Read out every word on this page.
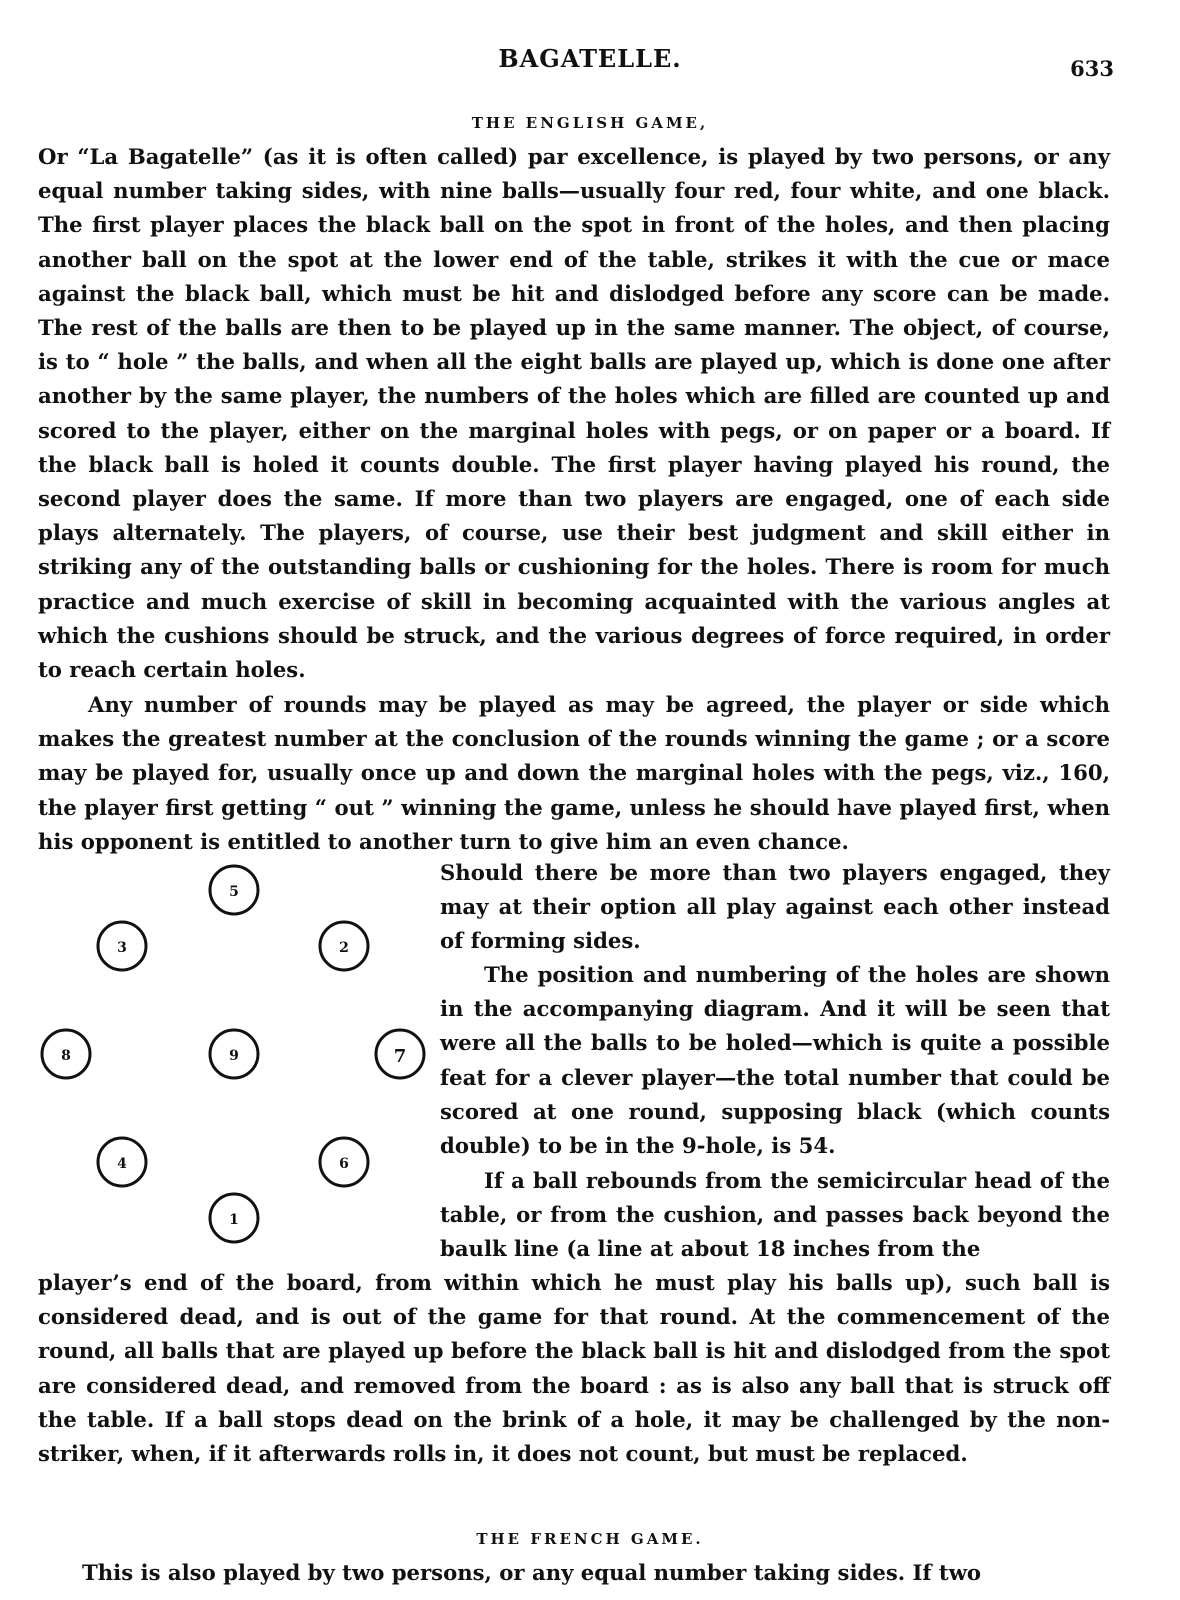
BAGATELLE.	633
THE ENGLISH GAME,

Or “La Bagatelle” (as it is often called) par excellence, is played by two persons, or any equal number taking sides, with nine balls—usually four red, four white, and one black. The first player places the black ball on the spot in front of the holes, and then placing another ball on the spot at the lower end of the table, strikes it with the cue or mace against the black ball, which must be hit and dislodged before any score can be made. The rest of the balls are then to be played up in the same manner. The object, of course, is to “ hole ” the balls, and when all the eight balls are played up, which is done one after another by the same player, the numbers of the holes which are filled are counted up and scored to the player, either on the marginal holes with pegs, or on paper or a board. If the black ball is holed it counts double. The first player having played his round, the second player does the same. If more than two players are engaged, one of each side plays alternately. The players, of course, use their best judgment and skill either in striking any of the outstanding balls or cushioning for the holes. There is room for much practice and much exercise of skill in becoming acquainted with the various angles at which the cushions should be struck, and the various degrees of force required, in order to reach certain holes.

Any number of rounds may be played as may be agreed, the player or side which makes the greatest number at the conclusion of the rounds winning the game ; or a score may be played for, usually once up and down the marginal holes with the pegs, viz., 160, the player first getting “ out ” winning the game, unless he should have played first, when his opponent is entitled to another turn to give him an even chance.

5
3	2
8	9	7
4	6
1

Should there be more than two players engaged, they may at their option all play against each other instead of forming sides.

The position and numbering of the holes are shown in the accompanying diagram. And it will be seen that were all the balls to be holed—which is quite a possible feat for a clever player—the total number that could be scored at one round, supposing black (which counts double) to be in the 9-hole, is 54.

If a ball rebounds from the semicircular head of the table, or from the cushion, and passes back beyond the baulk line (a line at about 18 inches from the

player’s end of the board, from within which he must play his balls up), such ball is considered dead, and is out of the game for that round. At the commencement of the round, all balls that are played up before the black ball is hit and dislodged from the spot are considered dead, and removed from the board : as is also any ball that is struck off the table. If a ball stops dead on the brink of a hole, it may be challenged by the non-striker, when, if it afterwards rolls in, it does not count, but must be replaced.

THE FRENCH GAME.

This is also played by two persons, or any equal number taking sides. If two
